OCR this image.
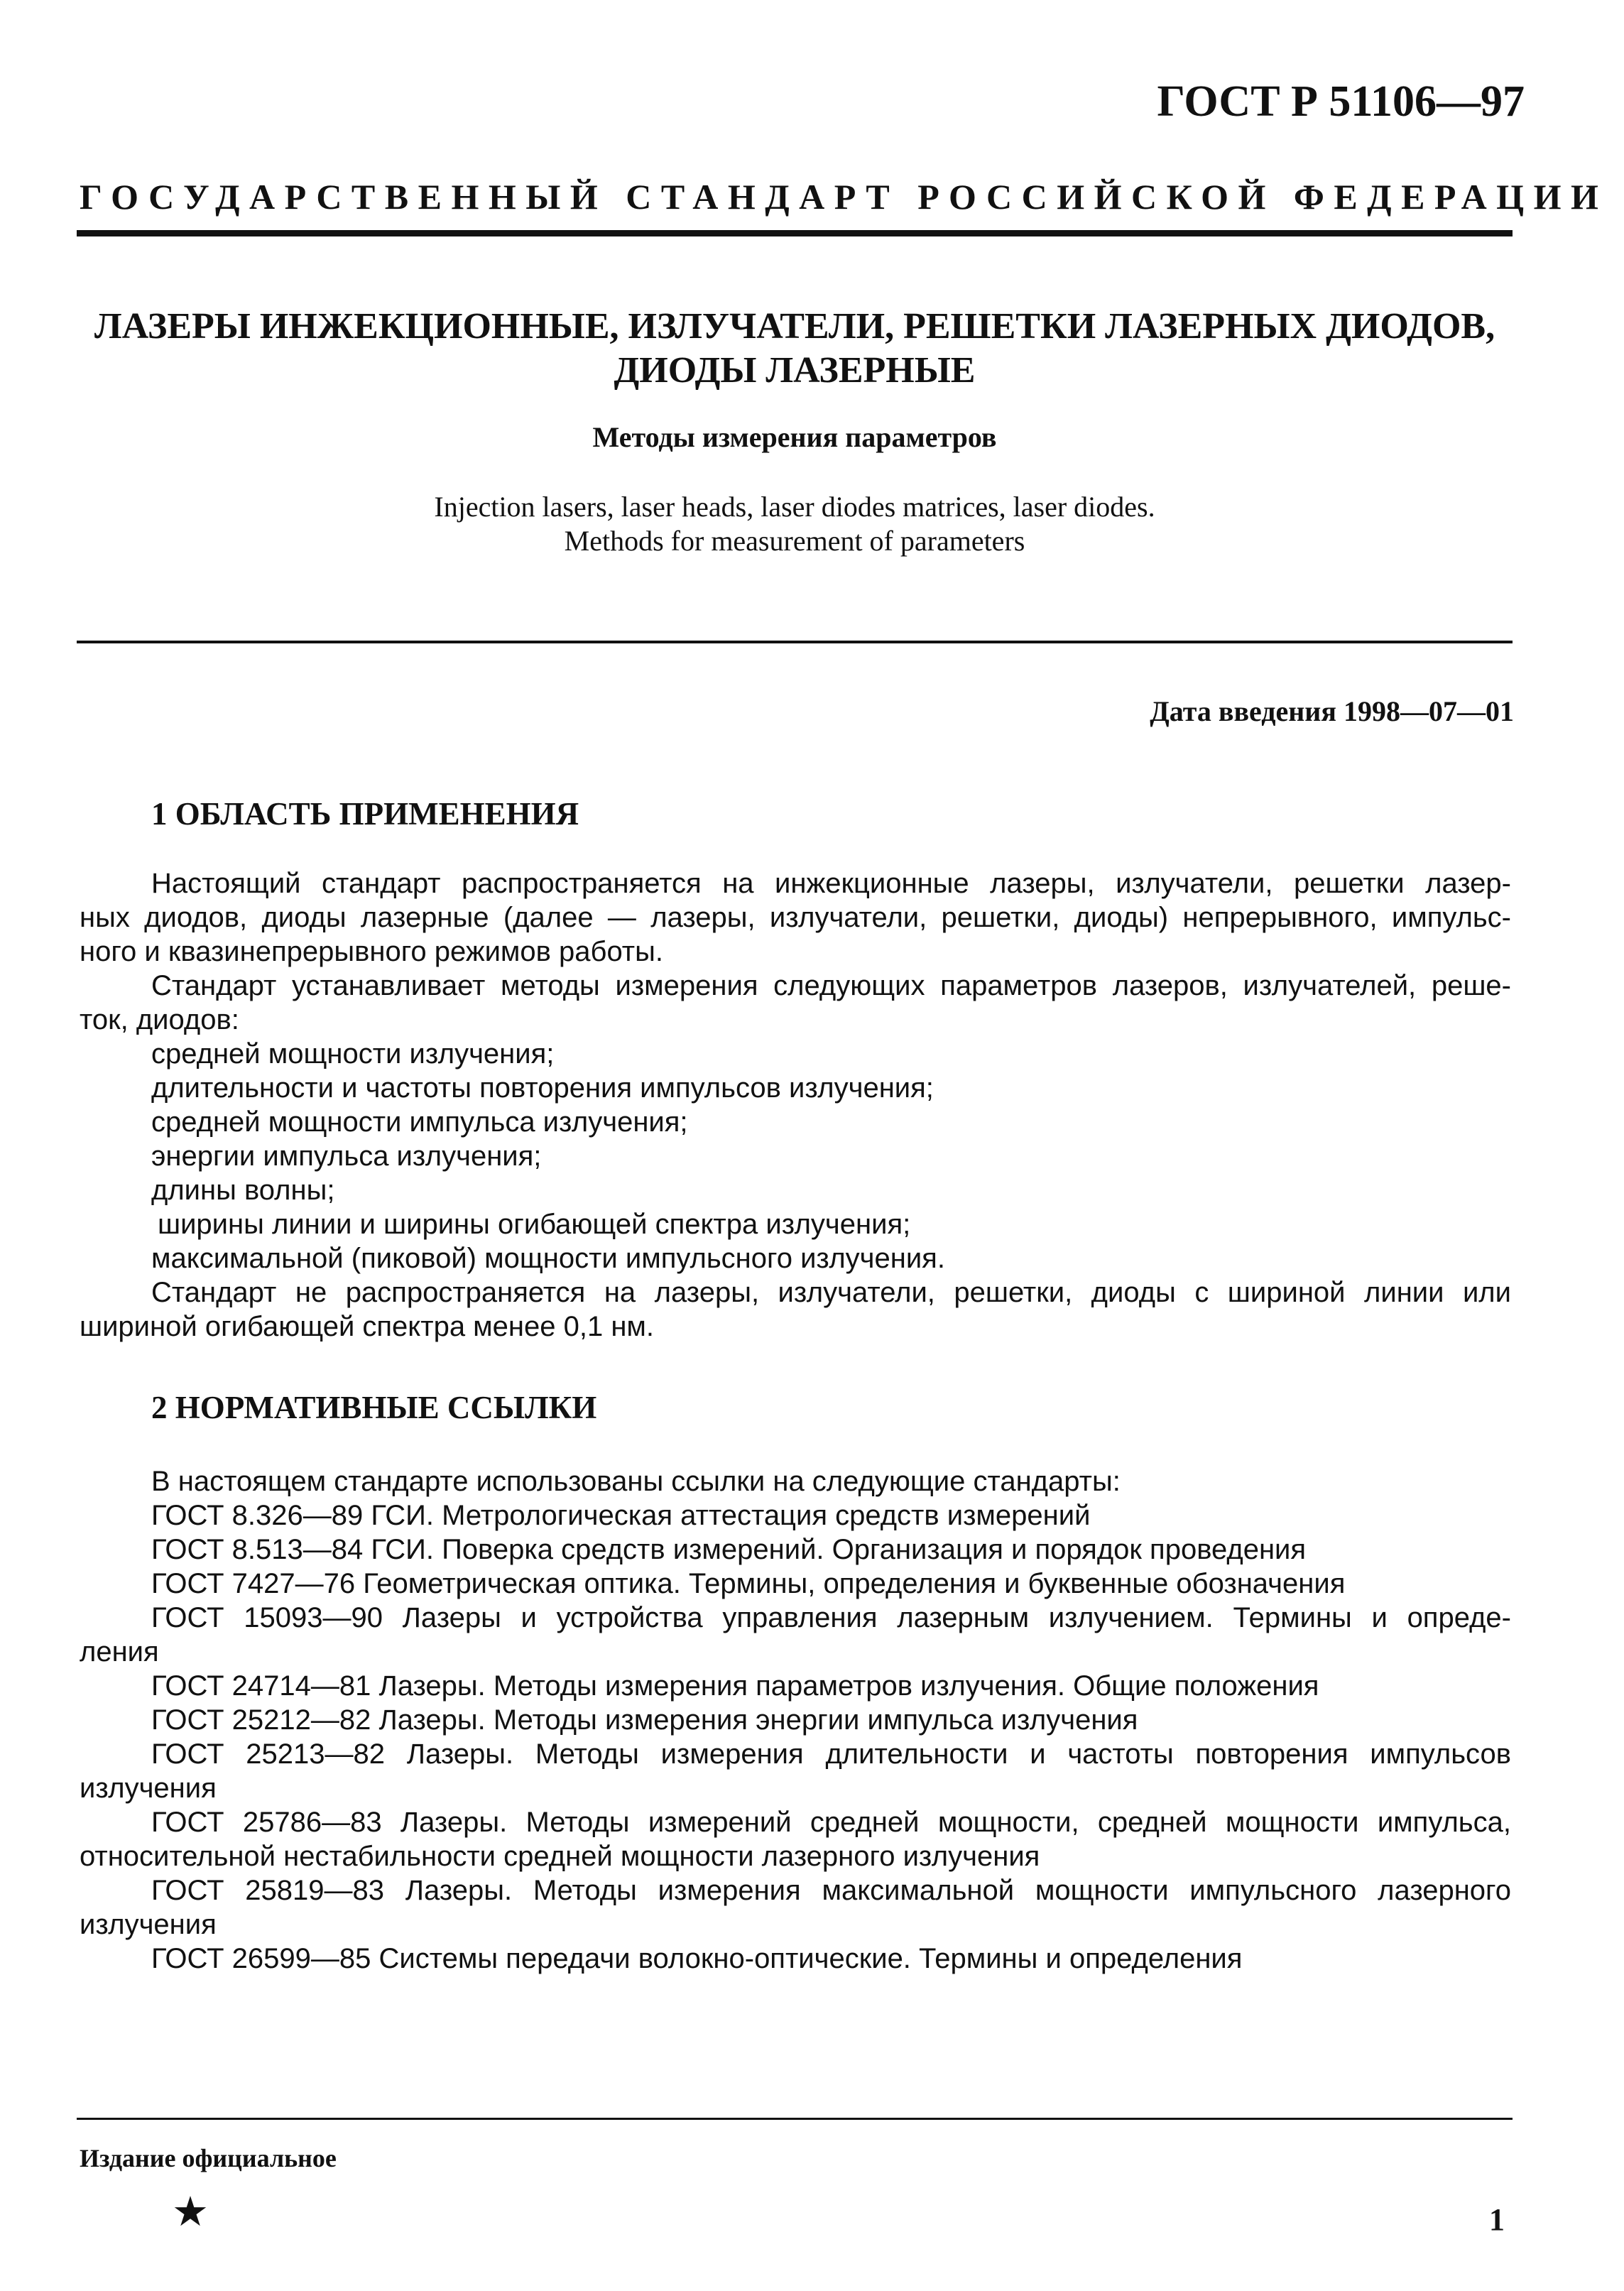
ГОСТ Р 51106—97
ГОСУДАРСТВЕННЫЙ СТАНДАРТ РОССИЙСКОЙ ФЕДЕРАЦИИ
ЛАЗЕРЫ ИНЖЕКЦИОННЫЕ, ИЗЛУЧАТЕЛИ, РЕШЕТКИ ЛАЗЕРНЫХ ДИОДОВ,
ДИОДЫ ЛАЗЕРНЫЕ
Методы измерения параметров
Injection lasers, laser heads, laser diodes matrices, laser diodes.
Methods for measurement of parameters
Дата введения 1998—07—01
1 ОБЛАСТЬ ПРИМЕНЕНИЯ
Настоящий стандарт распространяется на инжекционные лазеры, излучатели, решетки лазер-
ных диодов, диоды лазерные (далее — лазеры, излучатели, решетки, диоды) непрерывного, импульс-
ного и квазинепрерывного режимов работы.
Стандарт устанавливает методы измерения следующих параметров лазеров, излучателей, реше-
ток, диодов:
средней мощности излучения;
длительности и частоты повторения импульсов излучения;
средней мощности импульса излучения;
энергии импульса излучения;
длины волны;
ширины линии и ширины огибающей спектра излучения;
максимальной (пиковой) мощности импульсного излучения.
Стандарт не распространяется на лазеры, излучатели, решетки, диоды с шириной линии или
шириной огибающей спектра менее 0,1 нм.
2 НОРМАТИВНЫЕ ССЫЛКИ
В настоящем стандарте использованы ссылки на следующие стандарты:
ГОСТ 8.326—89 ГСИ. Метрологическая аттестация средств измерений
ГОСТ 8.513—84 ГСИ. Поверка средств измерений. Организация и порядок проведения
ГОСТ 7427—76 Геометрическая оптика. Термины, определения и буквенные обозначения
ГОСТ 15093—90 Лазеры и устройства управления лазерным излучением. Термины и опреде-
ления
ГОСТ 24714—81 Лазеры. Методы измерения параметров излучения. Общие положения
ГОСТ 25212—82 Лазеры. Методы измерения энергии импульса излучения
ГОСТ 25213—82 Лазеры. Методы измерения длительности и частоты повторения импульсов
излучения
ГОСТ 25786—83 Лазеры. Методы измерений средней мощности, средней мощности импульса,
относительной нестабильности средней мощности лазерного излучения
ГОСТ 25819—83 Лазеры. Методы измерения максимальной мощности импульсного лазерного
излучения
ГОСТ 26599—85 Системы передачи волокно-оптические. Термины и определения
Издание официальное
★	1
